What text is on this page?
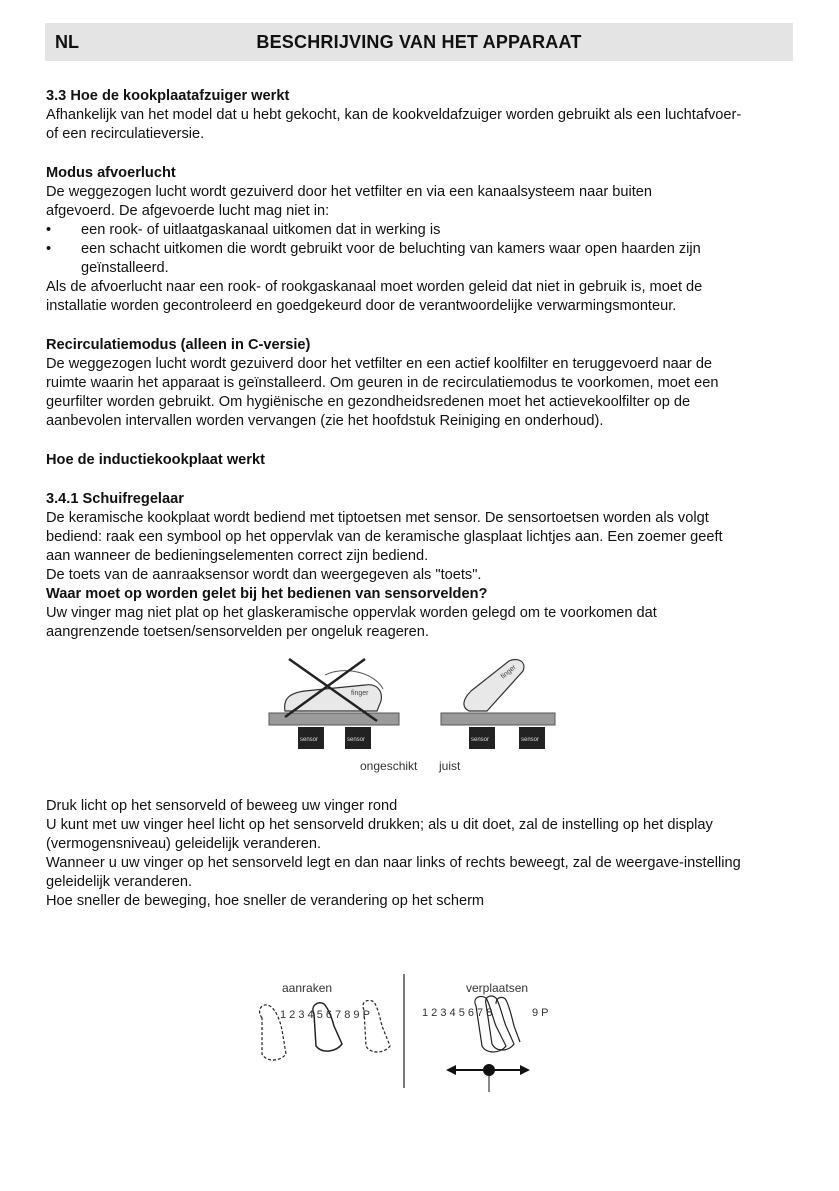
NL	BESCHRIJVING VAN HET APPARAAT
3.3 Hoe de kookplaatafzuiger werkt
Afhankelijk van het model dat u hebt gekocht, kan de kookveldafzuiger worden gebruikt als een luchtafvoer-
of een recirculatieversie.
Modus afvoerlucht
De weggezogen lucht wordt gezuiverd door het vetfilter en via een kanaalsysteem naar buiten
afgevoerd. De afgevoerde lucht mag niet in:
• een rook- of uitlaatgaskanaal uitkomen dat in werking is
• een schacht uitkomen die wordt gebruikt voor de beluchting van kamers waar open haarden zijn
geïnstalleerd.
Als de afvoerlucht naar een rook- of rookgaskanaal moet worden geleid dat niet in gebruik is, moet de
installatie worden gecontroleerd en goedgekeurd door de verantwoordelijke verwarmingsmonteur.
Recirculatiemodus (alleen in C-versie)
De weggezogen lucht wordt gezuiverd door het vetfilter en een actief koolfilter en teruggevoerd naar de
ruimte waarin het apparaat is geïnstalleerd. Om geuren in de recirculatiemodus te voorkomen, moet een
geurfilter worden gebruikt. Om hygiënische en gezondheidsredenen moet het actievekoolfilter op de
aanbevolen intervallen worden vervangen (zie het hoofdstuk Reiniging en onderhoud).
Hoe de inductiekookplaat werkt
3.4.1 Schuifregelaar
De keramische kookplaat wordt bediend met tiptoetsen met sensor. De sensortoetsen worden als volgt
bediend: raak een symbool op het oppervlak van de keramische glasplaat lichtjes aan. Een zoemer geeft
aan wanneer de bedieningselementen correct zijn bediend.
De toets van de aanraaksensor wordt dan weergegeven als "toets".
Waar moet op worden gelet bij het bedienen van sensorvelden?
Uw vinger mag niet plat op het glaskeramische oppervlak worden gelegd om te voorkomen dat
aangrenzende toetsen/sensorvelden per ongeluk reageren.
finger
sensor	sensor
finger
sensor	sensor
ongeschikt juist
Druk licht op het sensorveld of beweeg uw vinger rond
U kunt met uw vinger heel licht op het sensorveld drukken; als u dit doet, zal de instelling op het display
(vermogensniveau) geleidelijk veranderen.
Wanneer u uw vinger op het sensorveld legt en dan naar links of rechts beweegt, zal de weergave-instelling
geleidelijk veranderen.
Hoe sneller de beweging, hoe sneller de verandering op het scherm
aanraken
1 2 3 4 5 6 7 8 9 P
verplaatsen
1 2 3 4 5 6 7 8	9 P
